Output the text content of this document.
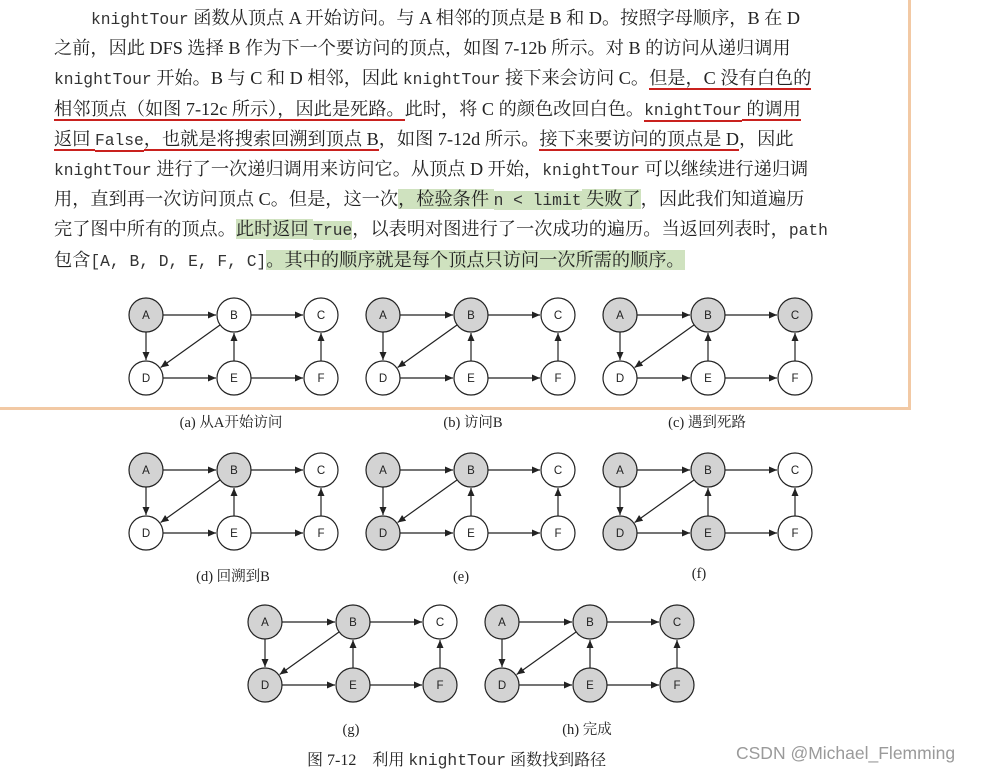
knightTour 函数从顶点 A 开始访问。与 A 相邻的顶点是 B 和 D。按照字母顺序，B 在 D
之前，因此 DFS 选择 B 作为下一个要访问的顶点，如图 7-12b 所示。对 B 的访问从递归调用
knightTour 开始。B 与 C 和 D 相邻，因此 knightTour 接下来会访问 C。但是，C 没有白色的
相邻顶点（如图 7-12c 所示），因此是死路。此时，将 C 的颜色改回白色。knightTour 的调用
返回 False，也就是将搜索回溯到顶点 B，如图 7-12d 所示。接下来要访问的顶点是 D，因此
knightTour 进行了一次递归调用来访问它。从顶点 D 开始，knightTour 可以继续进行递归调
用，直到再一次访问顶点 C。但是，这一次，检验条件 n < limit 失败了，因此我们知道遍历
完了图中所有的顶点。此时返回 True，以表明对图进行了一次成功的遍历。当返回列表时，path
包含[A, B, D, E, F, C]。其中的顺序就是每个顶点只访问一次所需的顺序。
A	B	C
D	E	F
(a) 从A开始访问
A	B	C
D	E	F
(b) 访问B
A	B	C
D	E	F
(c) 遇到死路
A	B	C
D	E	F
(d) 回溯到B
A	B	C
D	E	F
(e)
A	B	C
D	E	F
(f)
A	B	C
D	E	F
(g)
A	B	C
D	E	F
(h) 完成
图 7-12　利用 knightTour 函数找到路径	CSDN @Michael_Flemming
